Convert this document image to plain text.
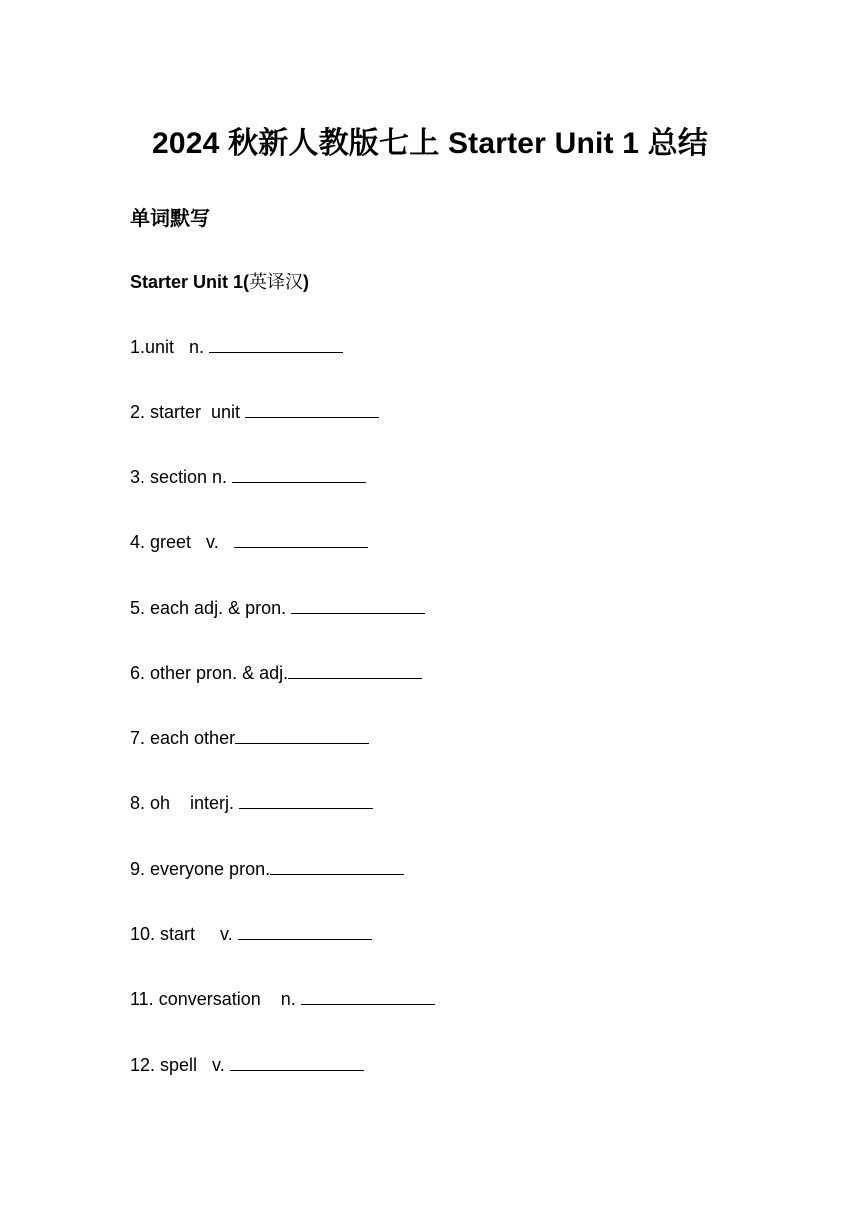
2024 秋新人教版七上 Starter Unit 1 总结
单词默写
Starter Unit 1(英译汉)
1.unit   n.
2. starter  unit
3. section n.
4. greet   v.
5. each adj. & pron.
6. other pron. & adj.
7. each other
8. oh    interj.
9. everyone pron.
10. start     v.
11. conversation    n.
12. spell   v.
